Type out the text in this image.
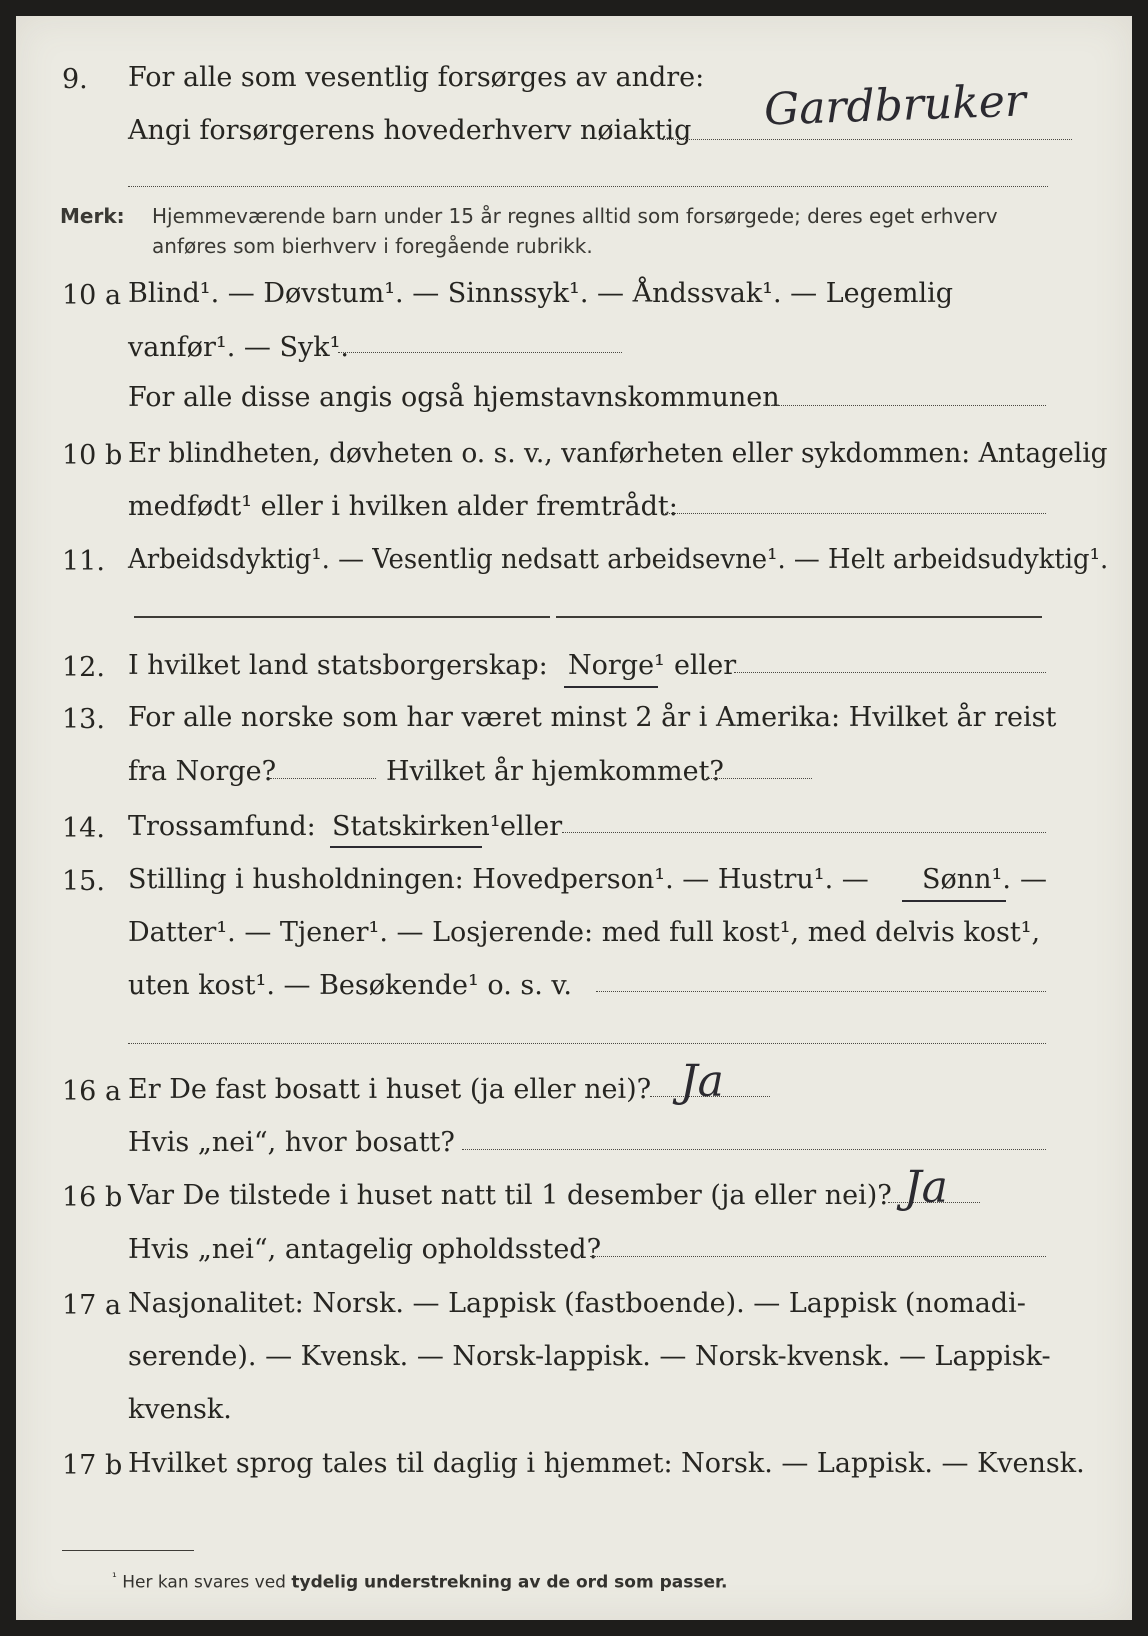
9. For alle som vesentlig forsørges av andre:
Angi forsørgerens hovederhverv nøiaktig Gardbruker
Merk: Hjemmeværende barn under 15 år regnes alltid som forsørgede; deres eget erhverv
anføres som bierhverv i foregående rubrikk.
10 a Blind¹. — Døvstum¹. — Sinnssyk¹. — Åndssvak¹. — Legemlig
vanfør¹. — Syk¹.
For alle disse angis også hjemstavnskommunen
10 b Er blindheten, døvheten o. s. v., vanførheten eller sykdommen: Antagelig
medfødt¹ eller i hvilken alder fremtrådt:
11. Arbeidsdyktig¹. — Vesentlig nedsatt arbeidsevne¹. — Helt arbeidsudyktig¹.
12. I hvilket land statsborgerskap: Norge¹ eller
13. For alle norske som har været minst 2 år i Amerika: Hvilket år reist
fra Norge?	Hvilket år hjemkommet?
14. Trossamfund: Statskirken¹ eller
15. Stilling i husholdningen: Hovedperson¹. — Hustru¹. — Sønn¹. —
Datter¹. — Tjener¹. — Losjerende: med full kost¹, med delvis kost¹,
uten kost¹. — Besøkende¹ o. s. v.
16 a Er De fast bosatt i huset (ja eller nei)? Ja
Hvis „nei“, hvor bosatt?
16 b Var De tilstede i huset natt til 1 desember (ja eller nei)? Ja
Hvis „nei“, antagelig opholdssted?
17 a Nasjonalitet: Norsk. — Lappisk (fastboende). — Lappisk (nomadi-
serende). — Kvensk. — Norsk-lappisk. — Norsk-kvensk. — Lappisk-
kvensk.
17 b Hvilket sprog tales til daglig i hjemmet: Norsk. — Lappisk. — Kvensk.
$^{^1}$ Her kan svares ved tydelig understrekning av de ord som passer.
